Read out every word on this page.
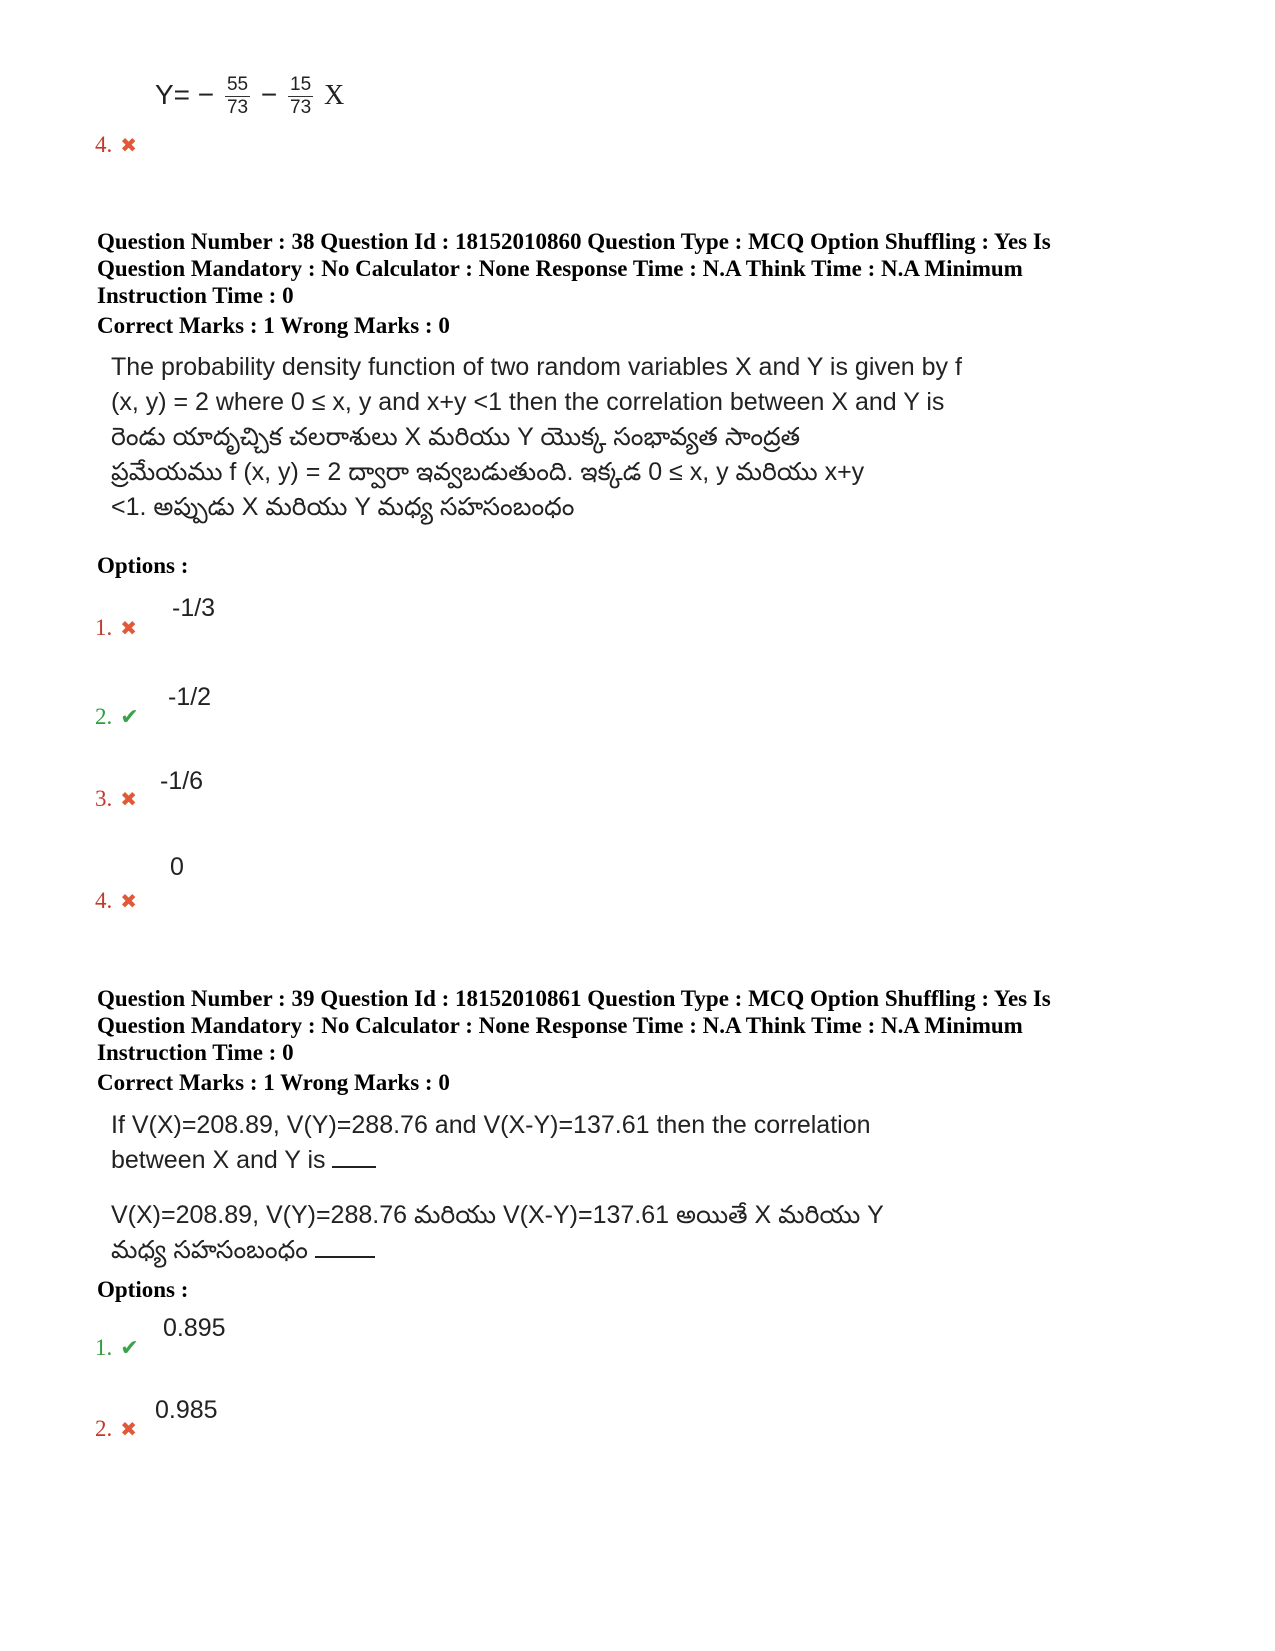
$Y= - \frac{55}{73} - \frac{15}{73}$ X
4. ✖
Question Number : 38 Question Id : 18152010860 Question Type : MCQ Option Shuffling : Yes Is
Question Mandatory : No Calculator : None Response Time : N.A Think Time : N.A Minimum
Instruction Time : 0
Correct Marks : 1 Wrong Marks : 0
The probability density function of two random variables X and Y is given by f
(x, y) = 2 where 0 ≤ x, y and x+y <1 then the correlation between X and Y is
రెండు యాదృచ్చిక చలరాశులు X మరియు Y యొక్క సంభావ్యత సాంద్రత
ప్రమేయము f (x, y) = 2 ద్వారా ఇవ్వబడుతుంది. ఇక్కడ 0 ≤ x, y మరియు x+y
<1. అప్పుడు X మరియు Y మధ్య సహసంబంధం
Options :
1. ✖
-1/3
2. ✔
-1/2
3. ✖
-1/6
4. ✖
0
Question Number : 39 Question Id : 18152010861 Question Type : MCQ Option Shuffling : Yes Is
Question Mandatory : No Calculator : None Response Time : N.A Think Time : N.A Minimum
Instruction Time : 0
Correct Marks : 1 Wrong Marks : 0
If V(X)=208.89, V(Y)=288.76 and V(X-Y)=137.61 then the correlation
between X and Y is
V(X)=208.89, V(Y)=288.76 మరియు V(X-Y)=137.61 అయితే X మరియు Y
మధ్య సహసంబంధం
Options :
1. ✔
0.895
2. ✖
0.985
